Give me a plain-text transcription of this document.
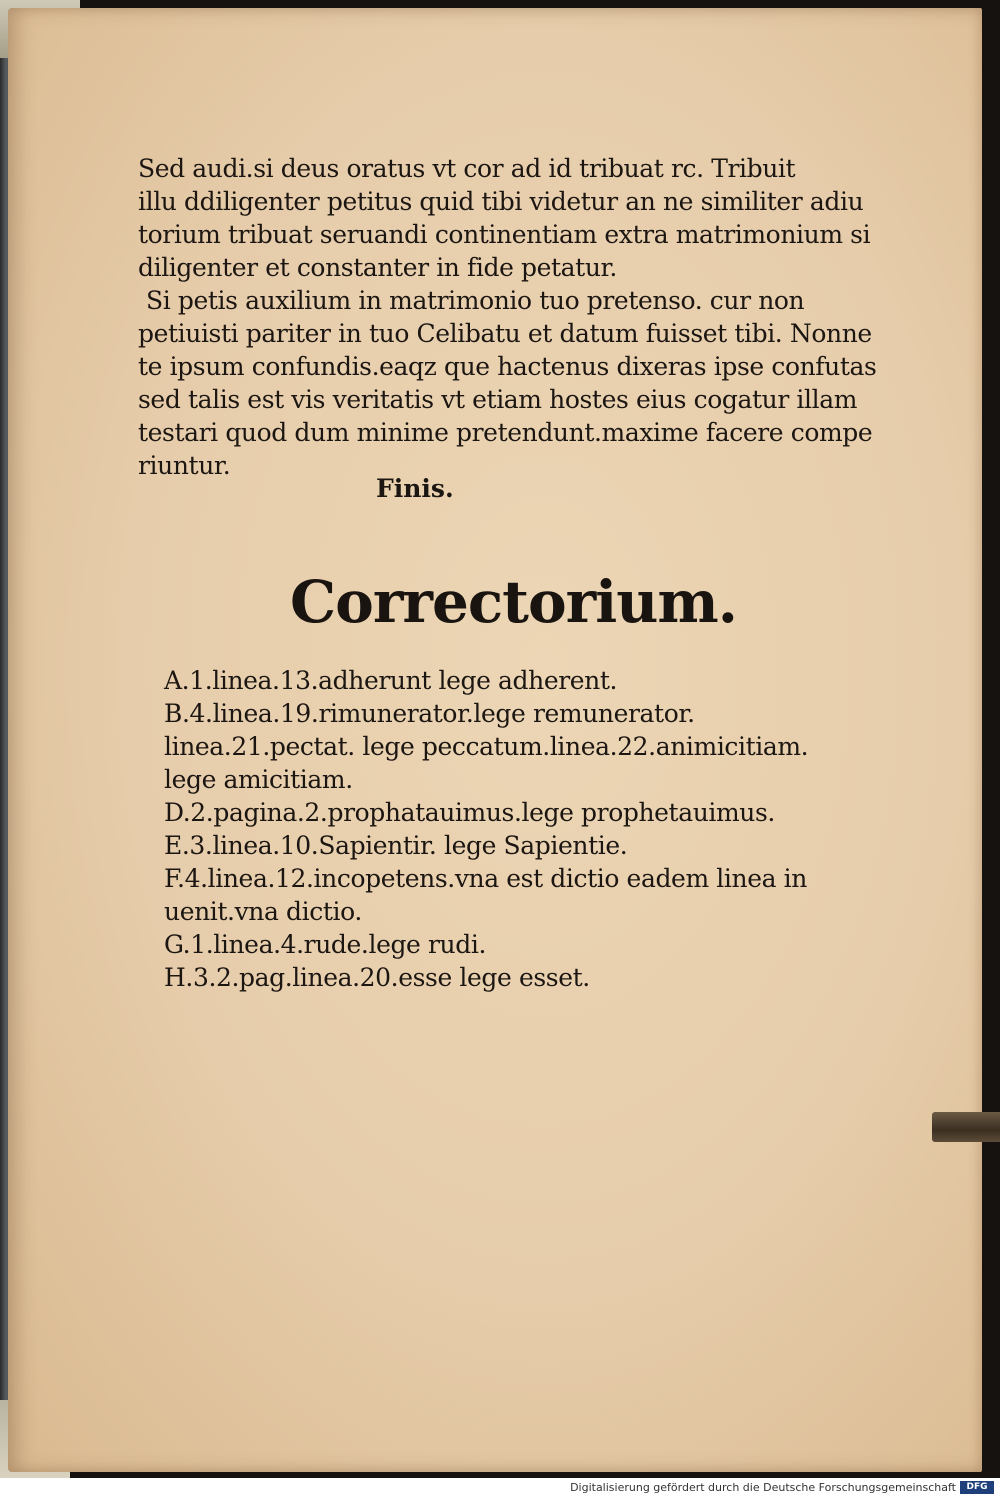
Sed audi.si deus oratus vt cor ad id tribuat rc. Tribuit
illu ddiligenter petitus quid tibi videtur an ne similiter adiu
torium tribuat seruandi continentiam extra matrimonium si
diligenter et constanter in fide petatur.
Si petis auxilium in matrimonio tuo pretenso. cur non
petiuisti pariter in tuo Celibatu et datum fuisset tibi. Nonne
te ipsum confundis.eaqz que hactenus dixeras ipse confutas
sed talis est vis veritatis vt etiam hostes eius cogatur illam
testari quod dum minime pretendunt.maxime facere compe
riuntur.
Finis.
Correctorium.
A.1.linea.13.adherunt lege adherent.
B.4.linea.19.rimunerator.lege remunerator.
linea.21.pectat. lege peccatum.linea.22.animicitiam.
lege amicitiam.
D.2.pagina.2.prophatauimus.lege prophetauimus.
E.3.linea.10.Sapientir. lege Sapientie.
F.4.linea.12.incopetens.vna est dictio eadem linea in
uenit.vna dictio.
G.1.linea.4.rude.lege rudi.
H.3.2.pag.linea.20.esse lege esset.
Digitalisierung gefördert durch die Deutsche Forschungsgemeinschaft	DFG
